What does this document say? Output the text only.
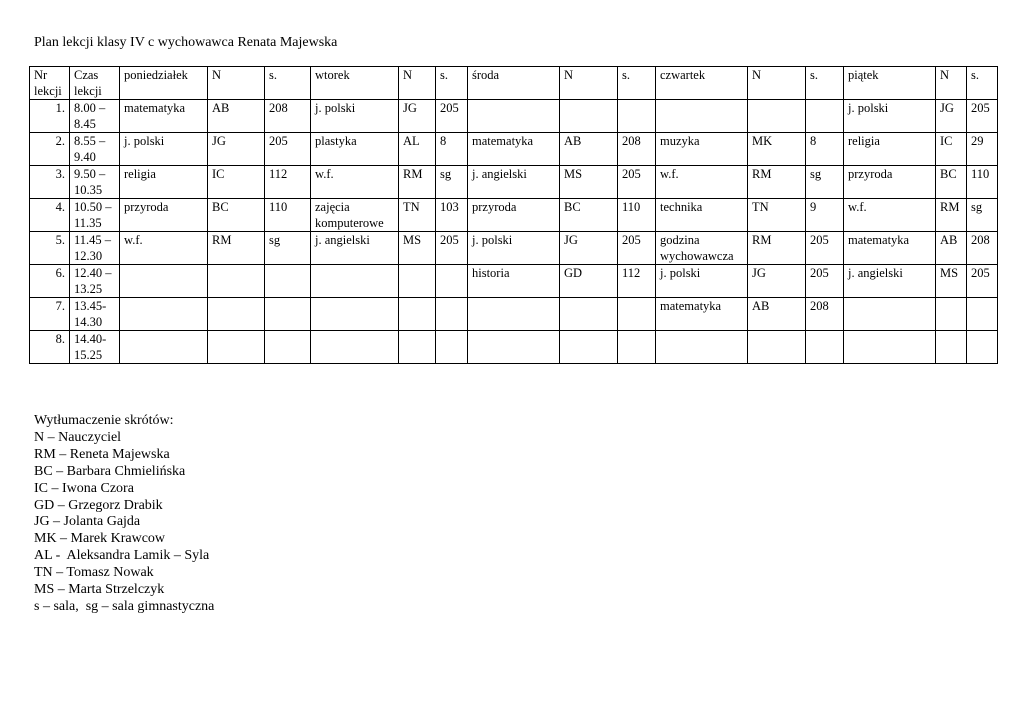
Plan lekcji klasy IV c wychowawca Renata Majewska
Nr lekcji	Czas lekcji	poniedziałek	N	s.	wtorek	N	s.	środa	N	s.	czwartek	N	s.	piątek	N	s.
1.	8.00 – 8.45	matematyka	AB	208	j. polski	JG	205							j. polski	JG	205
2.	8.55 – 9.40	j. polski	JG	205	plastyka	AL	8	matematyka	AB	208	muzyka	MK	8	religia	IC	29
3.	9.50 – 10.35	religia	IC	112	w.f.	RM	sg	j. angielski	MS	205	w.f.	RM	sg	przyroda	BC	110
4.	10.50 – 11.35	przyroda	BC	110	zajęcia komputerowe	TN	103	przyroda	BC	110	technika	TN	9	w.f.	RM	sg
5.	11.45 – 12.30	w.f.	RM	sg	j. angielski	MS	205	j. polski	JG	205	godzina wychowawcza	RM	205	matematyka	AB	208
6.	12.40 – 13.25							historia	GD	112	j. polski	JG	205	j. angielski	MS	205
7.	13.45-14.30										matematyka	AB	208			
8.	14.40-15.25															
Wytłumaczenie skrótów:
N – Nauczyciel
RM – Reneta Majewska
BC – Barbara Chmielińska
IC – Iwona Czora
GD – Grzegorz Drabik
JG – Jolanta Gajda
MK – Marek Krawcow
AL -  Aleksandra Lamik – Syla
TN – Tomasz Nowak
MS – Marta Strzelczyk
s – sala,  sg – sala gimnastyczna
